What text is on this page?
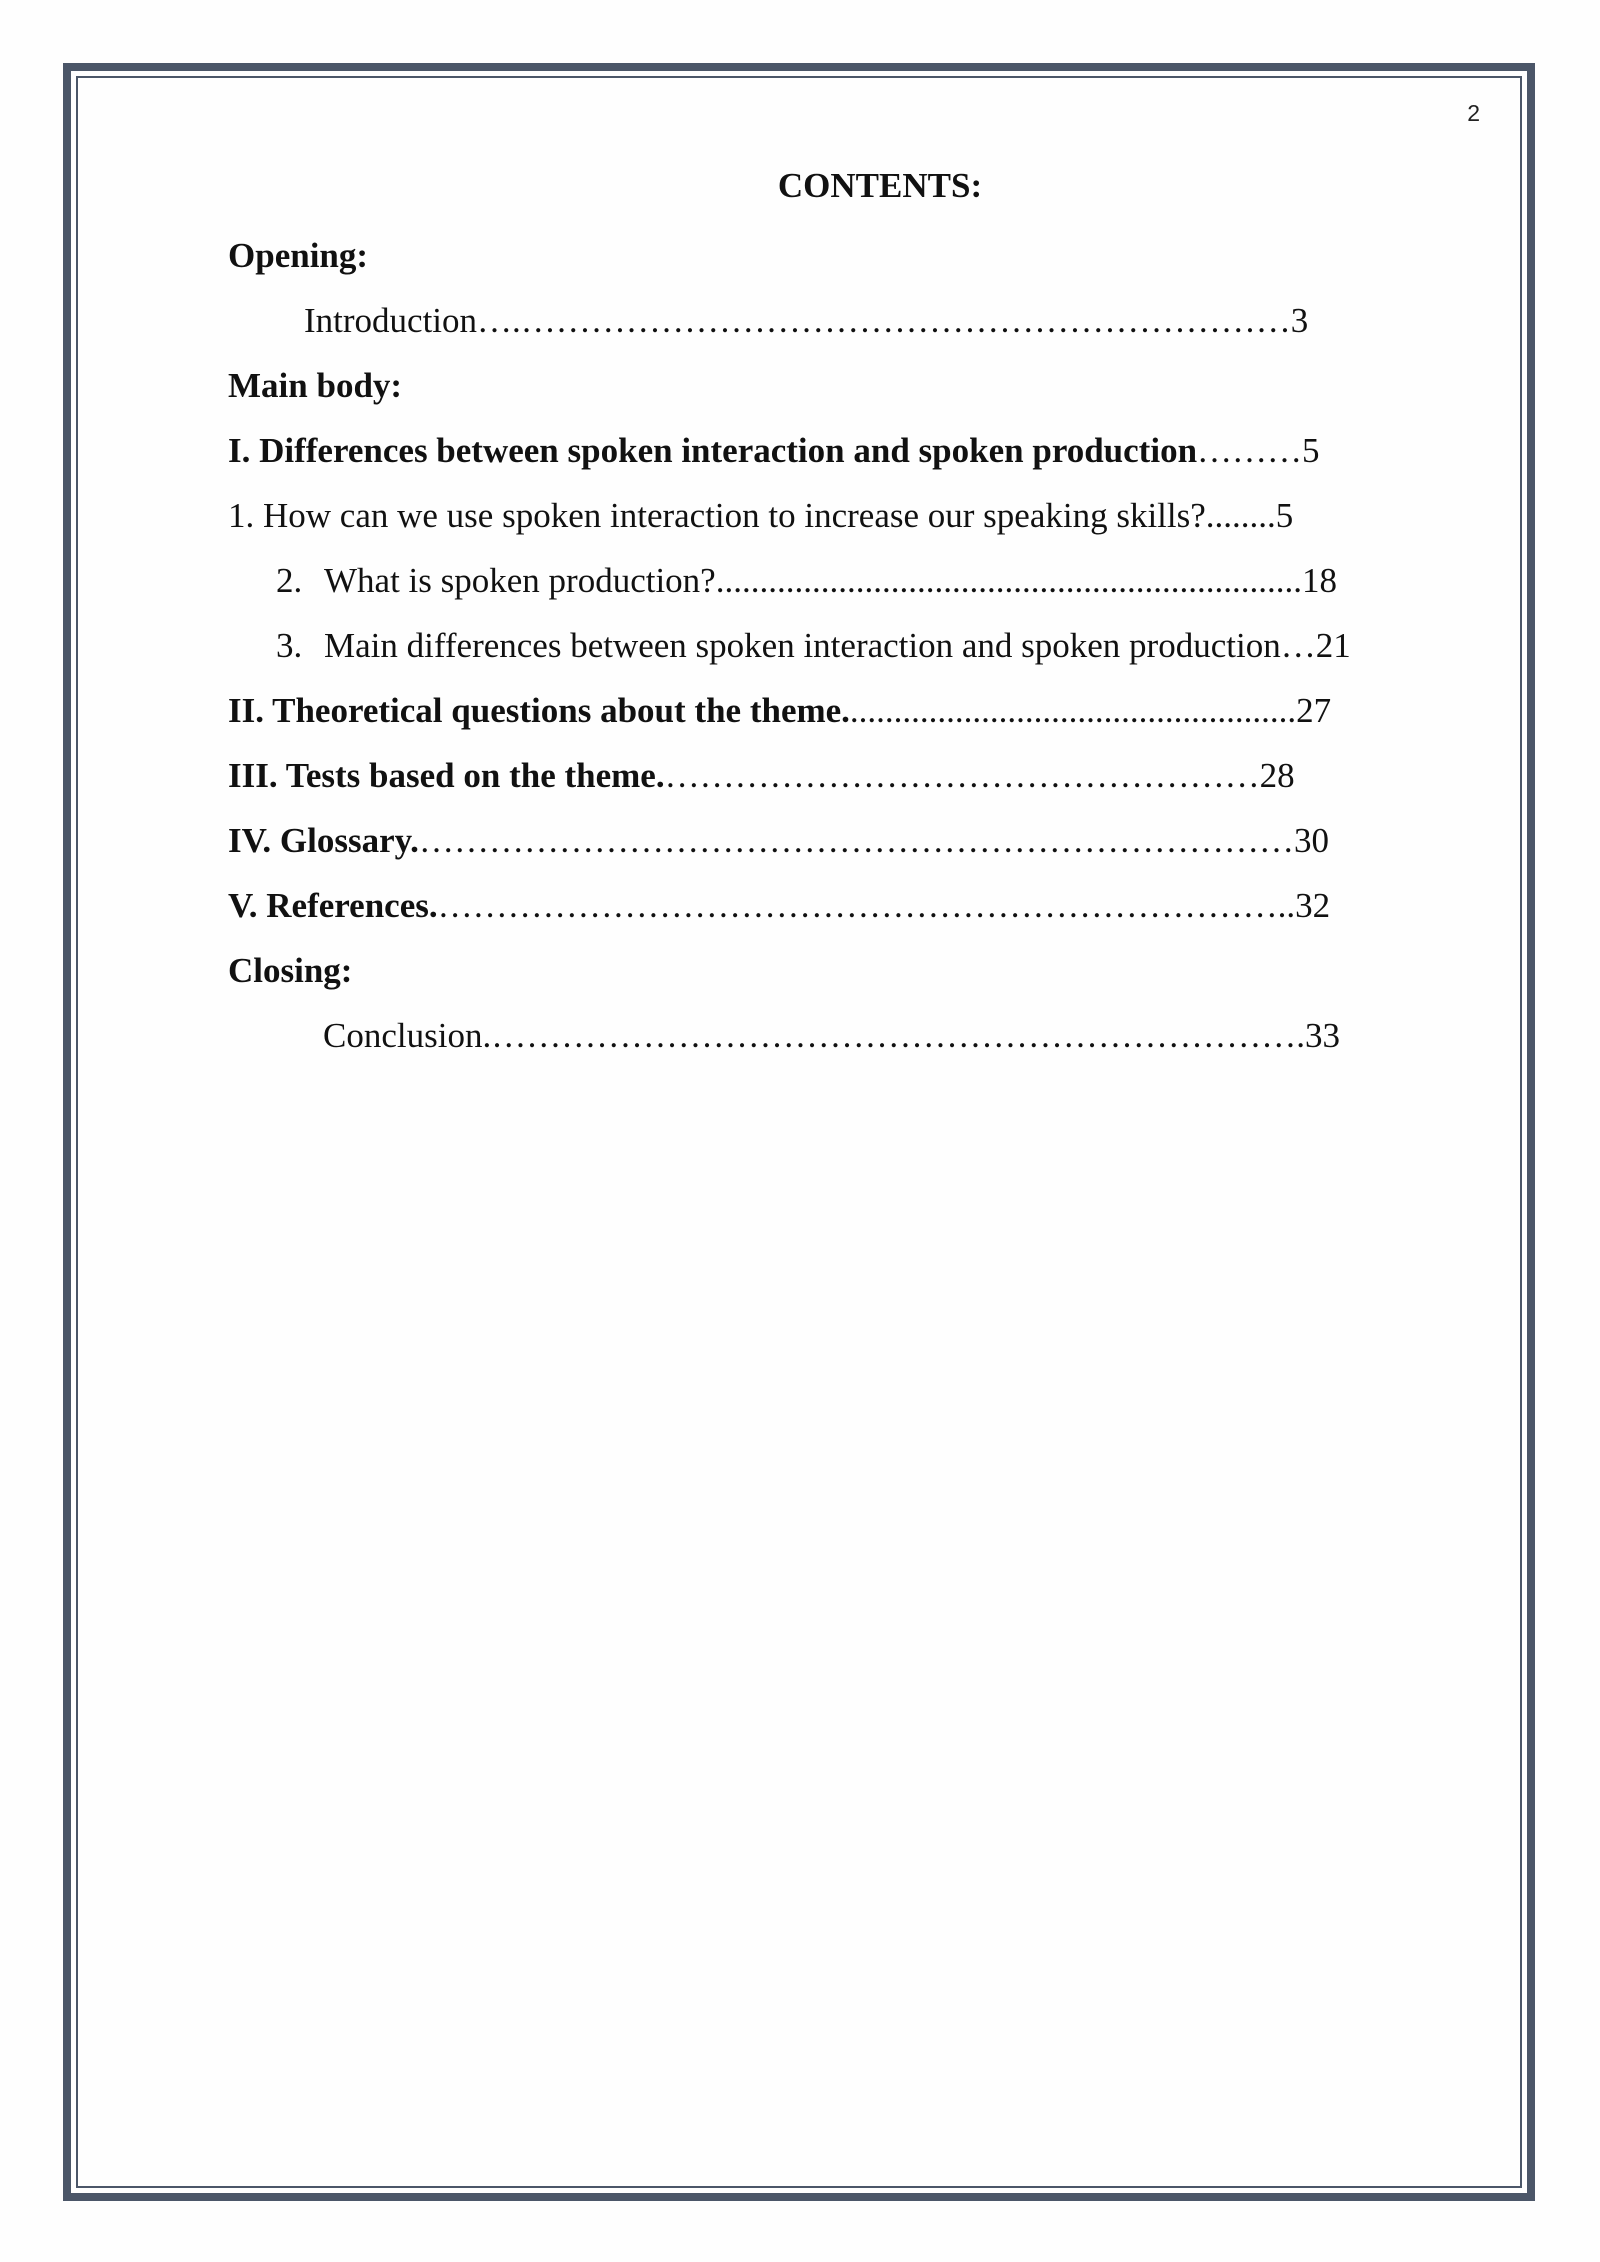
2
CONTENTS:
Opening:
Introduction ….………………………………………………………… 3
Main body:
I. Differences between spoken interaction and spoken production ……… 5
1. How can we use spoken interaction to increase our speaking skills? ........ 5
2. What is spoken production? ................................................................... 18
3. Main differences between spoken interaction and spoken production … 21
II. Theoretical questions about the theme. ................................................... 27
III. Tests based on the theme. …………………………………………… 28
IV. Glossary. ………………………………………………………………… 30
V. References. ……………………………………………………………….. 32
Closing:
Conclusion. ……………………………………………………………. 33
